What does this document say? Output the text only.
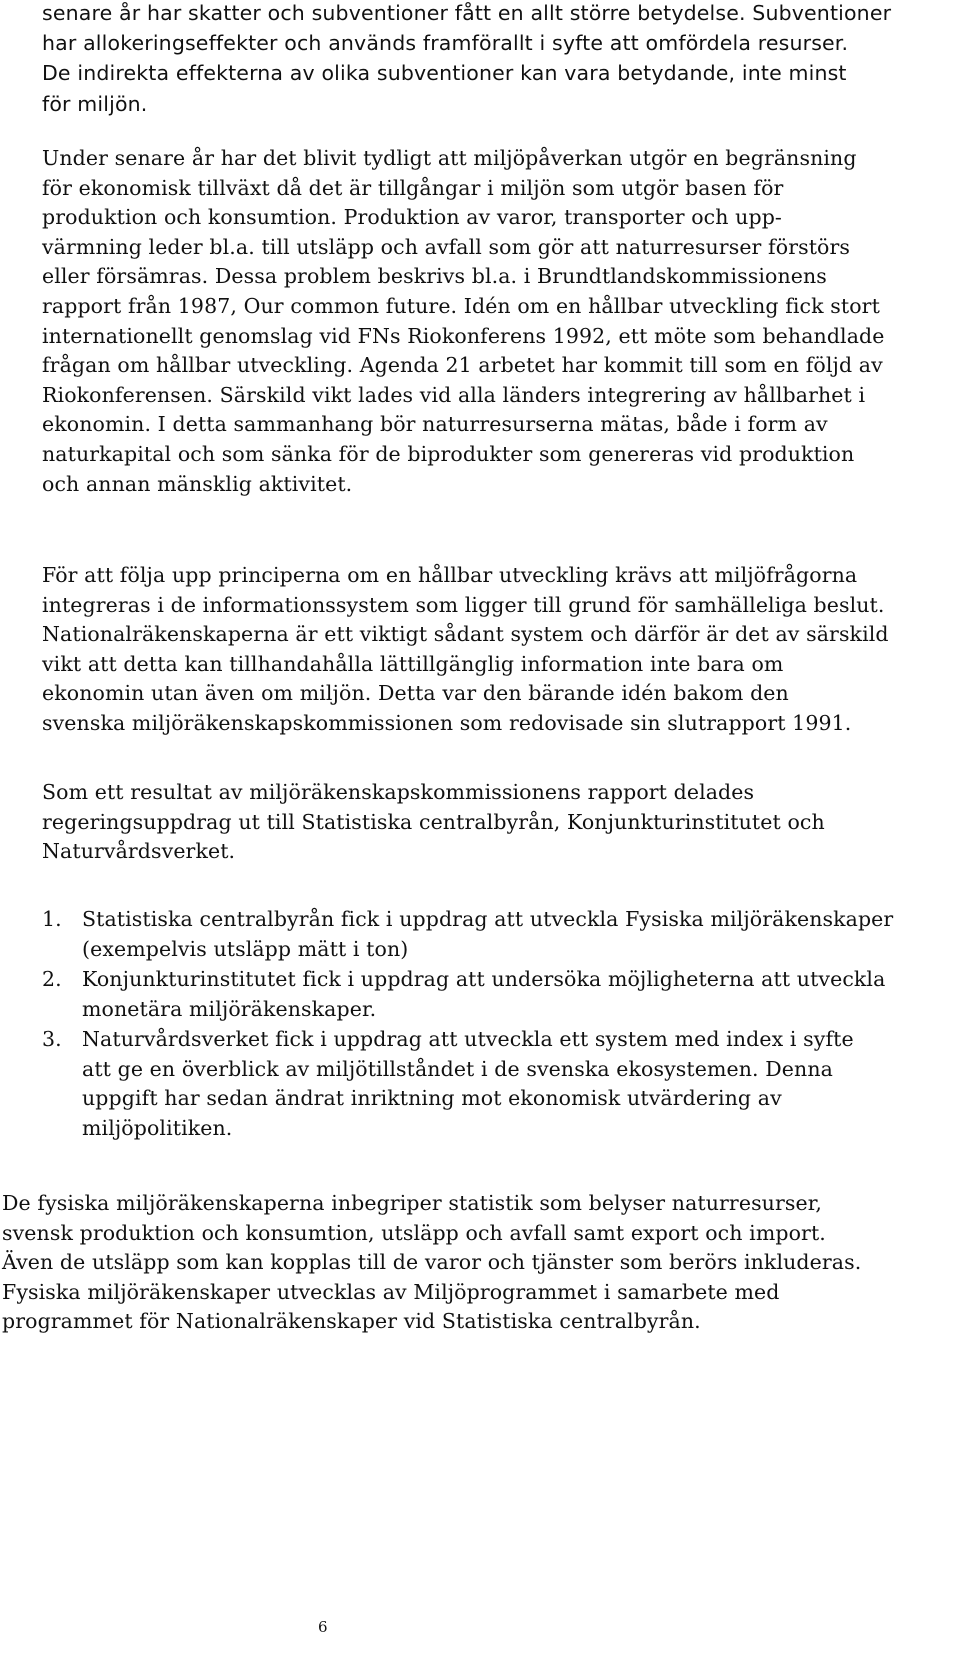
senare år har skatter och subventioner fått en allt större betydelse. Subventioner
har allokeringseffekter och används framförallt i syfte att omfördela resurser.
De indirekta effekterna av olika subventioner kan vara betydande, inte minst
för miljön.
Under senare år har det blivit tydligt att miljöpåverkan utgör en begränsning
för ekonomisk tillväxt då det är tillgångar i miljön som utgör basen för
produktion och konsumtion. Produktion av varor, transporter och upp-
värmning leder bl.a. till utsläpp och avfall som gör att naturresurser förstörs
eller försämras. Dessa problem beskrivs bl.a. i Brundtlandskommissionens
rapport från 1987, Our common future. Idén om en hållbar utveckling fick stort
internationellt genomslag vid FNs Riokonferens 1992, ett möte som behandlade
frågan om hållbar utveckling. Agenda 21 arbetet har kommit till som en följd av
Riokonferensen. Särskild vikt lades vid alla länders integrering av hållbarhet i
ekonomin. I detta sammanhang bör naturresurserna mätas, både i form av
naturkapital och som sänka för de biprodukter som genereras vid produktion
och annan mänsklig aktivitet.
För att följa upp principerna om en hållbar utveckling krävs att miljöfrågorna
integreras i de informationssystem som ligger till grund för samhälleliga beslut.
Nationalräkenskaperna är ett viktigt sådant system och därför är det av särskild
vikt att detta kan tillhandahålla lättillgänglig information inte bara om
ekonomin utan även om miljön. Detta var den bärande idén bakom den
svenska miljöräkenskapskommissionen som redovisade sin slutrapport 1991.
Som ett resultat av miljöräkenskapskommissionens rapport delades
regeringsuppdrag ut till Statistiska centralbyrån, Konjunkturinstitutet och
Naturvårdsverket.
1. Statistiska centralbyrån fick i uppdrag att utveckla Fysiska miljöräkenskaper
(exempelvis utsläpp mätt i ton)
2. Konjunkturinstitutet fick i uppdrag att undersöka möjligheterna att utveckla
monetära miljöräkenskaper.
3. Naturvårdsverket fick i uppdrag att utveckla ett system med index i syfte
att ge en överblick av miljötillståndet i de svenska ekosystemen. Denna
uppgift har sedan ändrat inriktning mot ekonomisk utvärdering av
miljöpolitiken.
De fysiska miljöräkenskaperna inbegriper statistik som belyser naturresurser,
svensk produktion och konsumtion, utsläpp och avfall samt export och import.
Även de utsläpp som kan kopplas till de varor och tjänster som berörs inkluderas.
Fysiska miljöräkenskaper utvecklas av Miljöprogrammet i samarbete med
programmet för Nationalräkenskaper vid Statistiska centralbyrån.
6
